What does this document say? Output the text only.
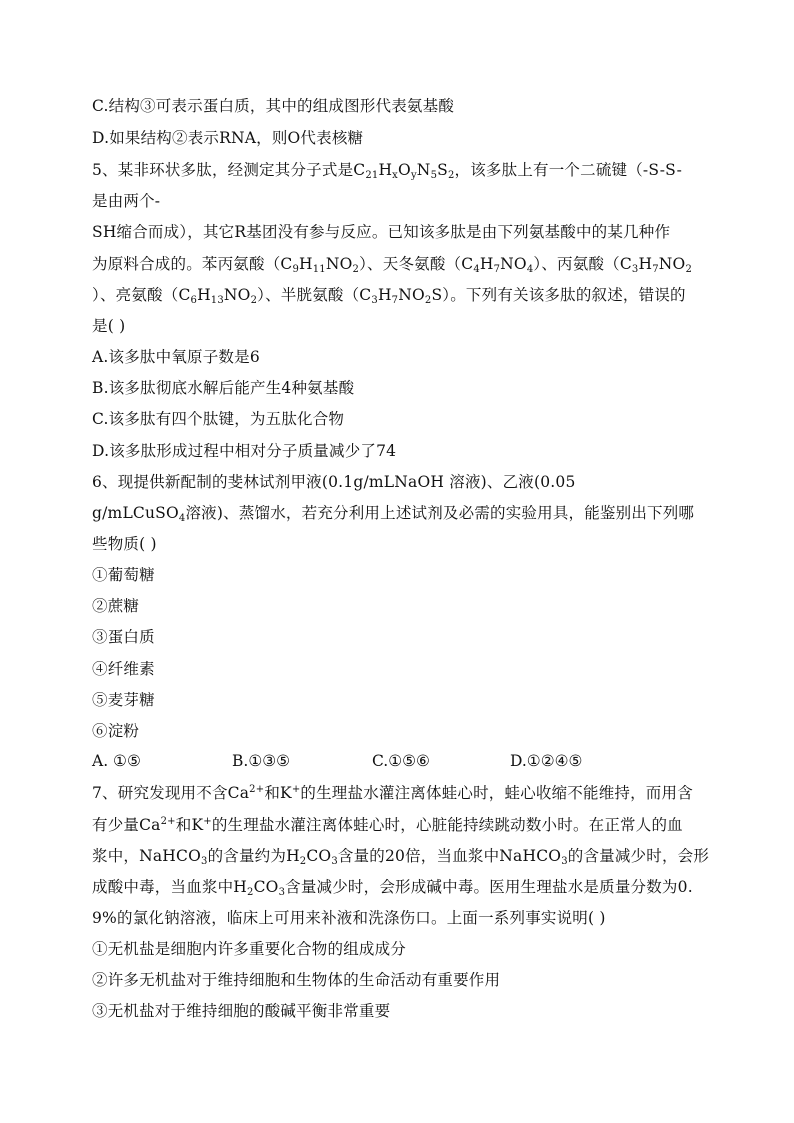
C.结构③可表示蛋白质，其中的组成图形代表氨基酸
D.如果结构②表示RNA，则O代表核糖
5、某非环状多肽，经测定其分子式是$C_{21}H_xO_yN_5S_2$，该多肽上有一个二硫键（-S-S-
是由两个-
SH缩合而成），其它R基团没有参与反应。已知该多肽是由下列氨基酸中的某几种作
为原料合成的。苯丙氨酸$(C_9H_{11}NO_2)$、天冬氨酸$(C_4H_7NO_4)$、丙氨酸（$C_3H_7NO_2$
）、亮氨酸$(C_6H_{13}NO_2)$、半胱氨酸$(C_3H_7NO_2S)$。下列有关该多肽的叙述，错误的
是( )
A.该多肽中氧原子数是6
B.该多肽彻底水解后能产生4种氨基酸
C.该多肽有四个肽键，为五肽化合物
D.该多肽形成过程中相对分子质量减少了74
6、现提供新配制的斐林试剂甲液(0.1g/mLNaOH 溶液)、乙液(0.05
g/mLCuSO$_4$溶液)、蒸馏水，若充分利用上述试剂及必需的实验用具，能鉴别出下列哪
些物质( )
①葡萄糖
②蔗糖
③蛋白质
④纤维素
⑤麦芽糖
⑥淀粉
A. ①⑤	B.①③⑤	C.①⑤⑥	D.①②④⑤
7、研究发现用不含$Ca^{2+}$和K+的生理盐水灌注离体蛙心时，蛙心收缩不能维持，而用含
有少量$Ca^{2+}$和K+的生理盐水灌注离体蛙心时，心脏能持续跳动数小时。在正常人的血
浆中，NaHCO$_3$的含量约为$H_2CO_3$含量的20倍，当血浆中NaHCO$_3$的含量减少时，会形
成酸中毒，当血浆中$H_2CO_3$含量减少时，会形成碱中毒。医用生理盐水是质量分数为0.
9%的氯化钠溶液，临床上可用来补液和洗涤伤口。上面一系列事实说明( )
①无机盐是细胞内许多重要化合物的组成成分
②许多无机盐对于维持细胞和生物体的生命活动有重要作用
③无机盐对于维持细胞的酸碱平衡非常重要
